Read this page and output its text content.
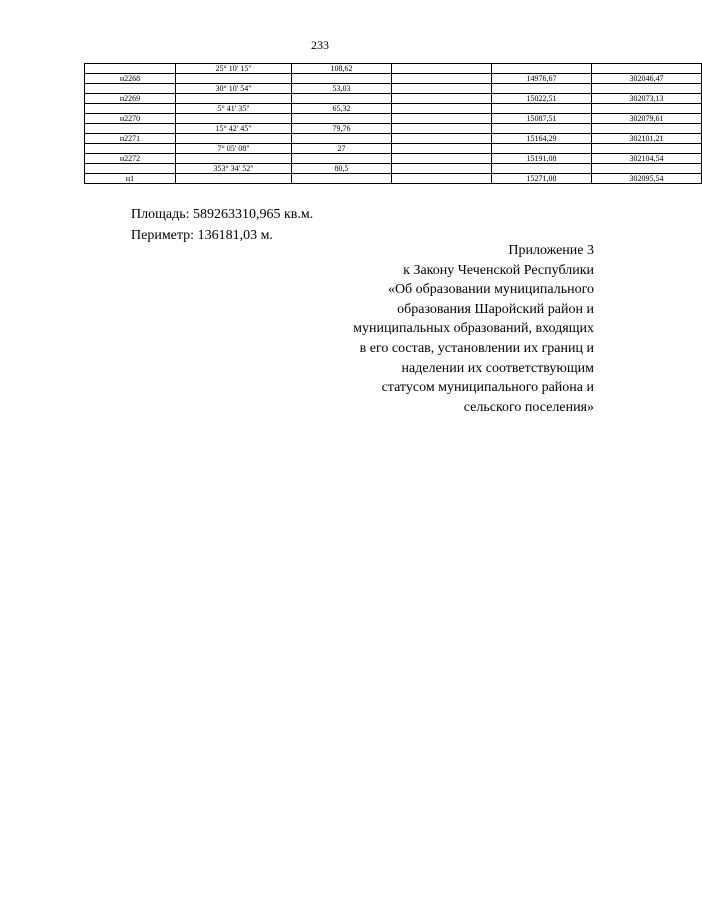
233
	25° 10' 15"	108,62			
н2268				14976,67	302046,47
	30° 10' 54"	53,03			
н2269				15022,51	302073,13
	5° 41' 35"	65,32			
н2270				15087,51	302079,61
	15° 42' 45"	79,76			
н2271				15164,29	302101,21
	7° 05' 08"	27			
н2272				15191,08	302104,54
	353° 34' 52"	80,5			
н1				15271,08	302095,54
Площадь: 589263310,965 кв.м.
Периметр: 136181,03 м.
Приложение 3
к Закону Чеченской Республики
«Об образовании муниципального
образования Шаройский район и
муниципальных образований, входящих
в его состав, установлении их границ и
наделении их соответствующим
статусом муниципального района и
сельского поселения»
